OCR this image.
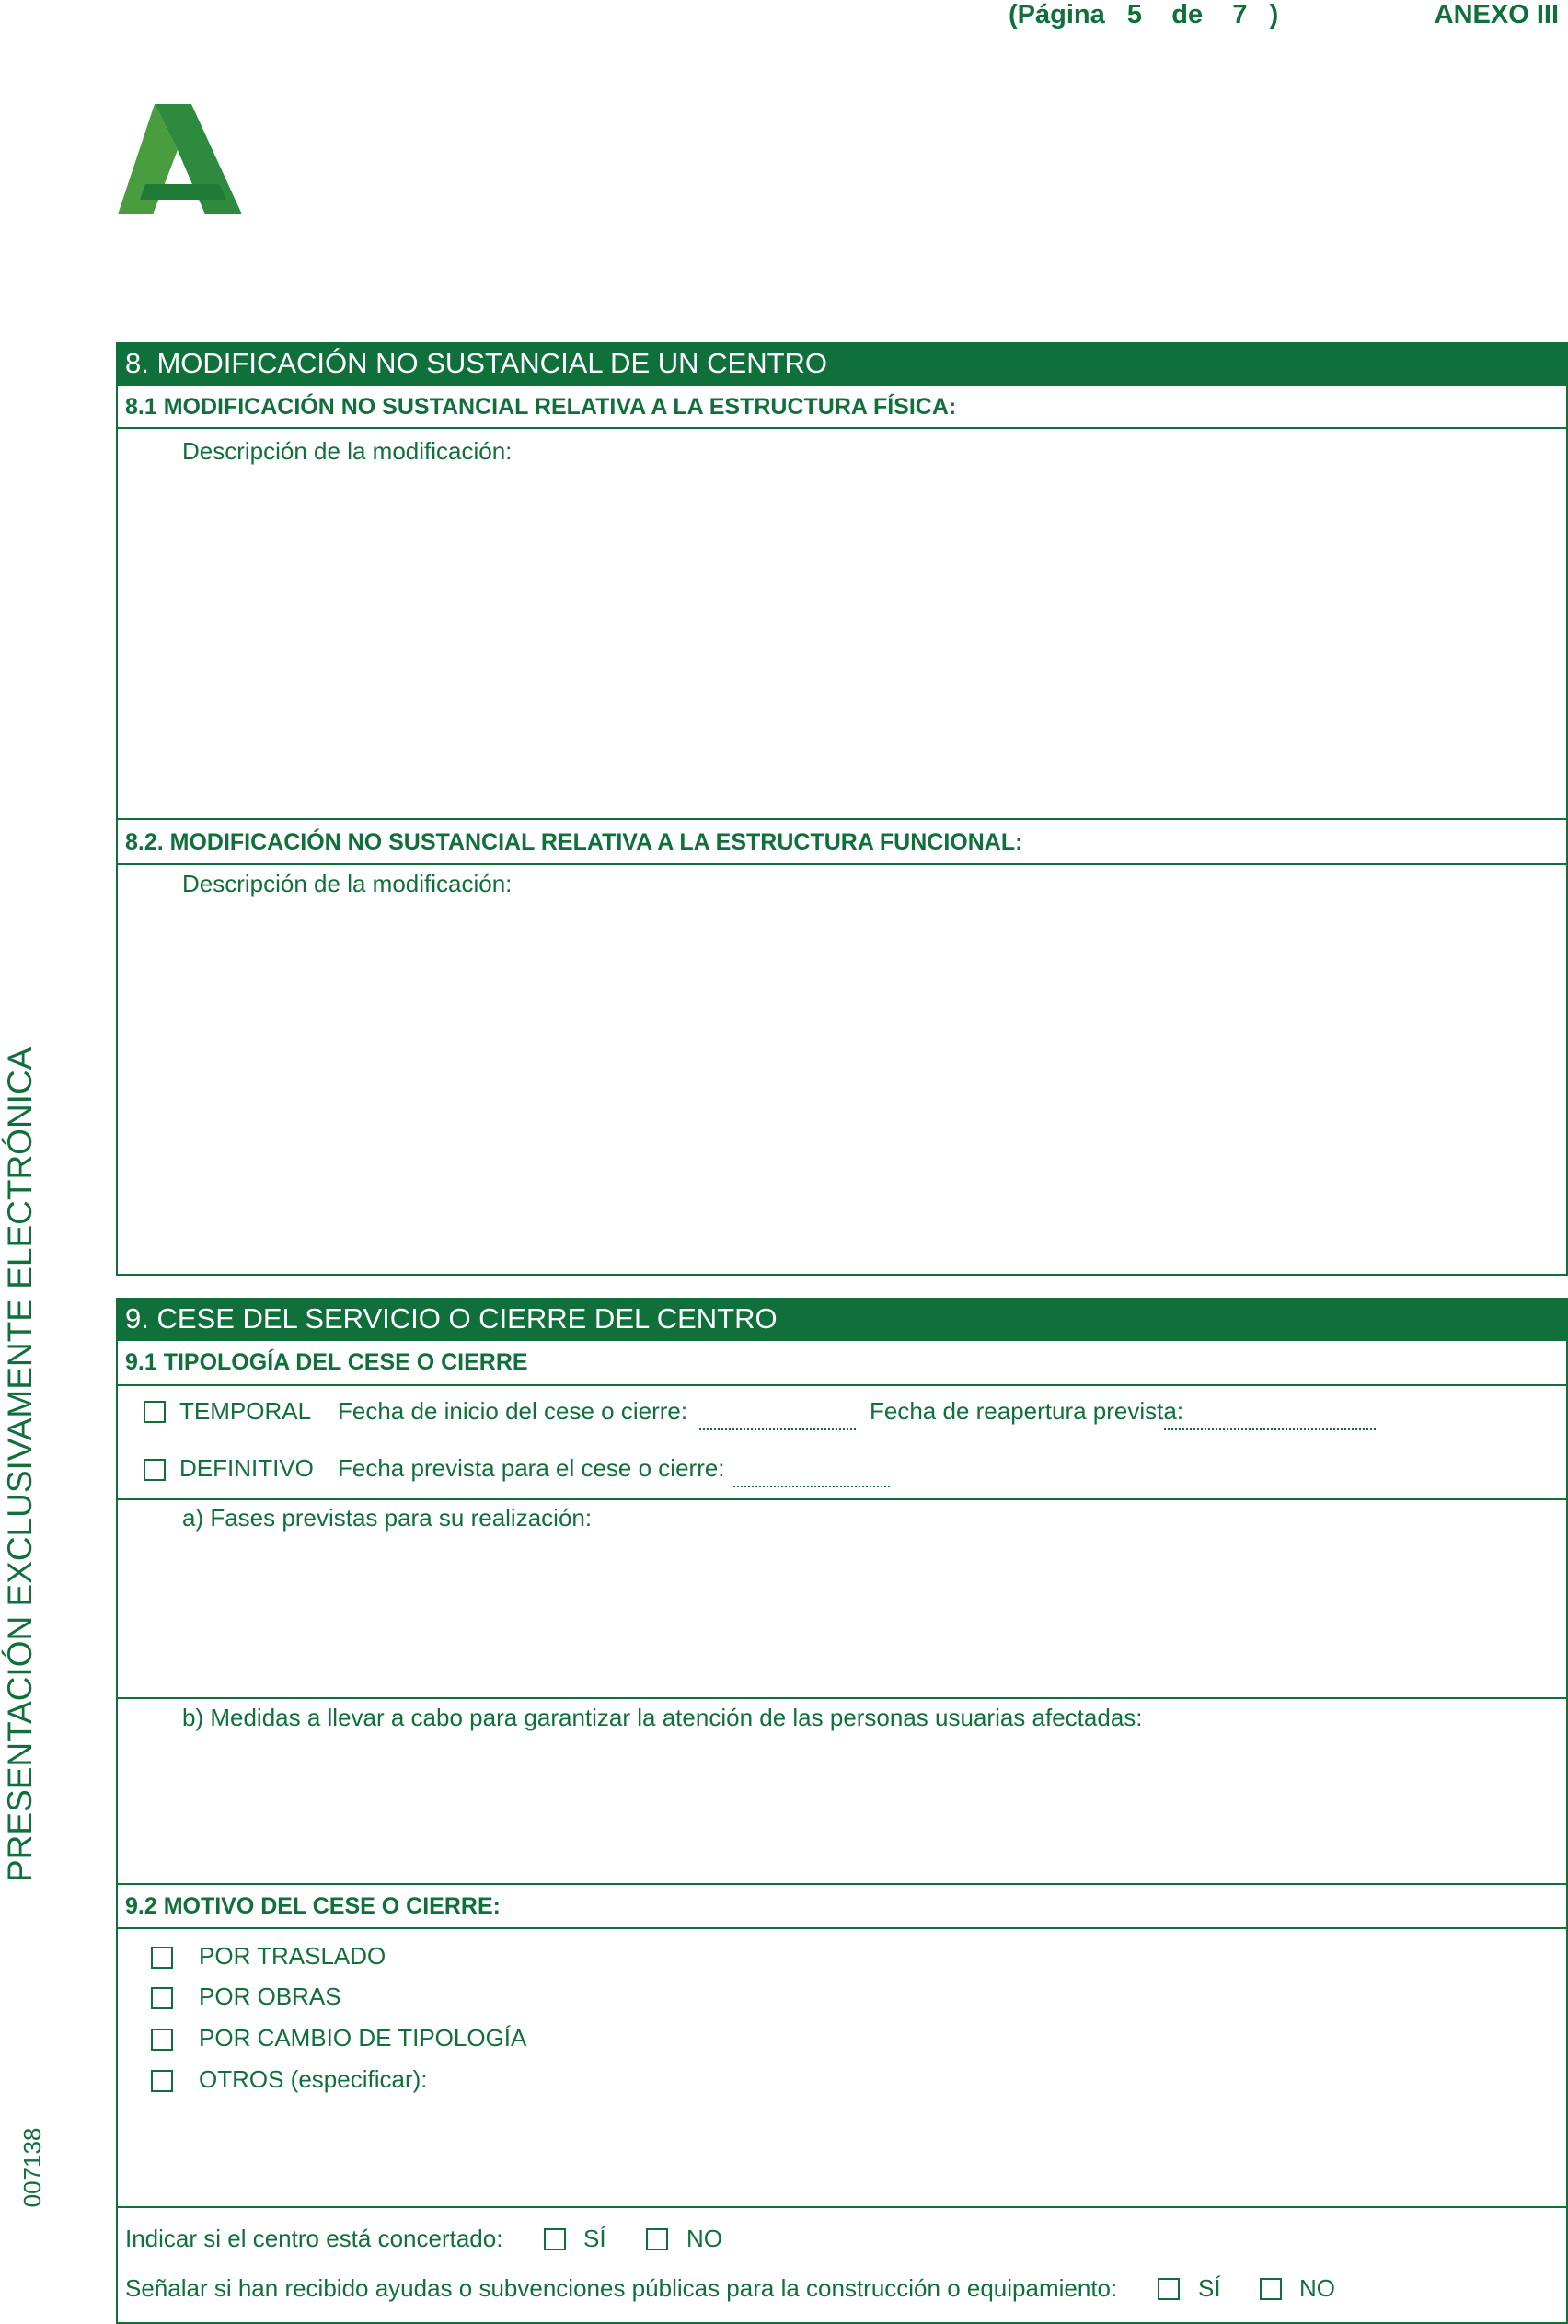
(Página   5    de    7   )	ANEXO III
PRESENTACIÓN EXCLUSIVAMENTE ELECTRÓNICA
007138
8. MODIFICACIÓN NO SUSTANCIAL DE UN CENTRO
8.1 MODIFICACIÓN NO SUSTANCIAL RELATIVA A LA ESTRUCTURA FÍSICA:
Descripción de la modificación:
8.2. MODIFICACIÓN NO SUSTANCIAL RELATIVA A LA ESTRUCTURA FUNCIONAL:
Descripción de la modificación:
9. CESE DEL SERVICIO O CIERRE DEL CENTRO
9.1 TIPOLOGÍA DEL CESE O CIERRE
TEMPORAL Fecha de inicio del cese o cierre:	Fecha de reapertura prevista:
DEFINITIVO Fecha prevista para el cese o cierre:
a) Fases previstas para su realización:
b) Medidas a llevar a cabo para garantizar la atención de las personas usuarias afectadas:
9.2 MOTIVO DEL CESE O CIERRE:
POR TRASLADO
POR OBRAS
POR CAMBIO DE TIPOLOGÍA
OTROS (especificar):
Indicar si el centro está concertado:	SÍ	NO
Señalar si han recibido ayudas o subvenciones públicas para la construcción o equipamiento:	SÍ	NO
